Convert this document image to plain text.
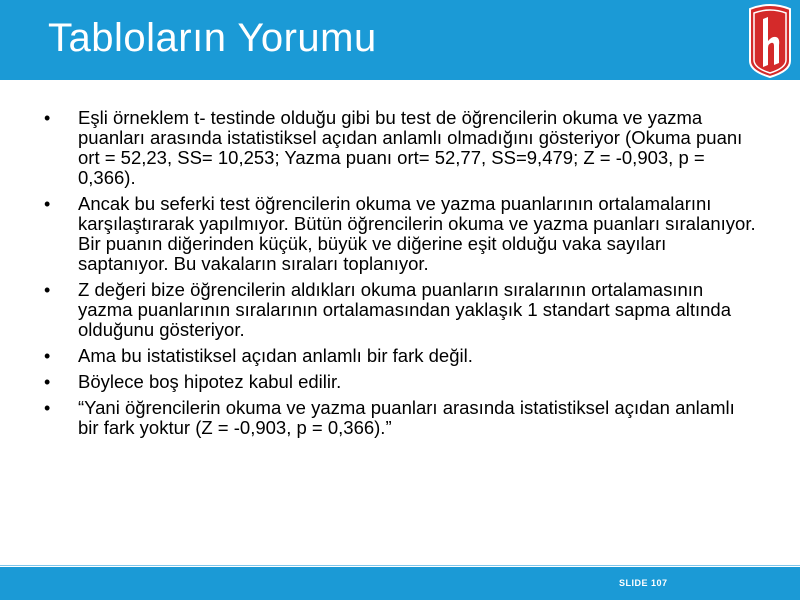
Tabloların Yorumu
• Eşli örneklem t- testinde olduğu gibi bu test de öğrencilerin okuma ve yazma puanları arasında istatistiksel açıdan anlamlı olmadığını gösteriyor (Okuma puanı ort = 52,23, SS= 10,253; Yazma puanı ort= 52,77, SS=9,479; Z = -0,903, p = 0,366).
• Ancak bu seferki test öğrencilerin okuma ve yazma puanlarının ortalamalarını karşılaştırarak yapılmıyor. Bütün öğrencilerin okuma ve yazma puanları sıralanıyor. Bir puanın diğerinden küçük, büyük ve diğerine eşit olduğu vaka sayıları saptanıyor. Bu vakaların sıraları toplanıyor.
• Z değeri bize öğrencilerin aldıkları okuma puanların sıralarının ortalamasının yazma puanlarının sıralarının ortalamasından yaklaşık 1 standart sapma altında olduğunu gösteriyor.
• Ama bu istatistiksel açıdan anlamlı bir fark değil.
• Böylece boş hipotez kabul edilir.
• “Yani öğrencilerin okuma ve yazma puanları arasında istatistiksel açıdan anlamlı bir fark yoktur (Z = -0,903, p = 0,366).”
SLIDE 107
